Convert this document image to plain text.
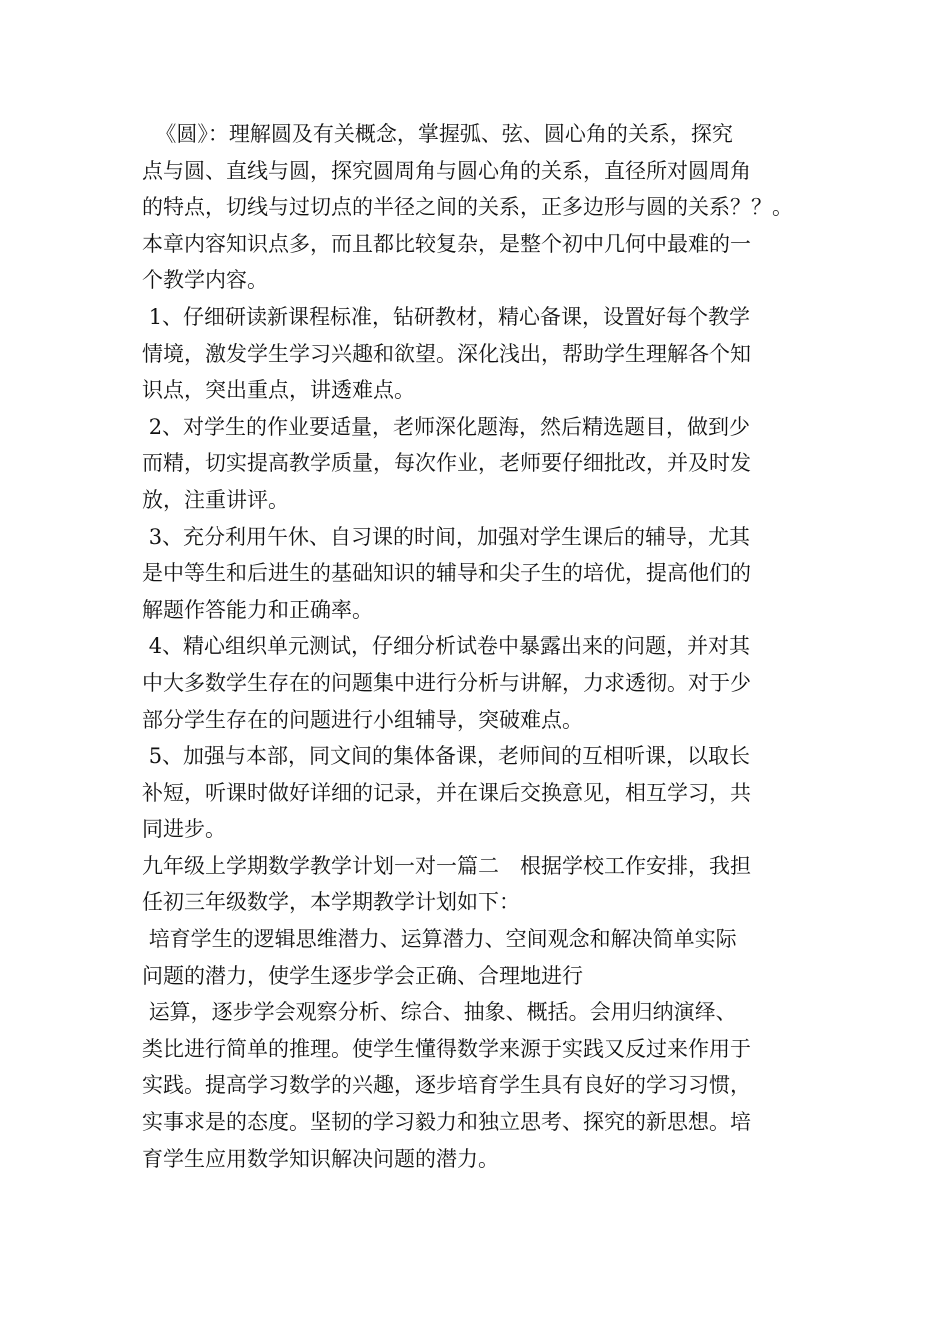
《圆》：理解圆及有关概念，掌握弧、弦、圆心角的关系，探究
点与圆、直线与圆，探究圆周角与圆心角的关系，直径所对圆周角
的特点，切线与过切点的半径之间的关系，正多边形与圆的关系？？。
本章内容知识点多，而且都比较复杂，是整个初中几何中最难的一
个教学内容。

1、仔细研读新课程标准，钻研教材，精心备课，设置好每个教学
情境，激发学生学习兴趣和欲望。深化浅出，帮助学生理解各个知
识点，突出重点，讲透难点。

2、对学生的作业要适量，老师深化题海，然后精选题目，做到少
而精，切实提高教学质量，每次作业，老师要仔细批改，并及时发
放，注重讲评。

3、充分利用午休、自习课的时间，加强对学生课后的辅导，尤其
是中等生和后进生的基础知识的辅导和尖子生的培优，提高他们的
解题作答能力和正确率。

4、精心组织单元测试，仔细分析试卷中暴露出来的问题，并对其
中大多数学生存在的问题集中进行分析与讲解，力求透彻。对于少
部分学生存在的问题进行小组辅导，突破难点。

5、加强与本部，同文间的集体备课，老师间的互相听课，以取长
补短，听课时做好详细的记录，并在课后交换意见，相互学习，共
同进步。

九年级上学期数学教学计划一对一篇二　根据学校工作安排，我担
任初三年级数学，本学期教学计划如下：

培育学生的逻辑思维潜力、运算潜力、空间观念和解决简单实际
问题的潜力，使学生逐步学会正确、合理地进行

运算，逐步学会观察分析、综合、抽象、概括。会用归纳演绎、
类比进行简单的推理。使学生懂得数学来源于实践又反过来作用于
实践。提高学习数学的兴趣，逐步培育学生具有良好的学习习惯，
实事求是的态度。坚韧的学习毅力和独立思考、探究的新思想。培
育学生应用数学知识解决问题的潜力。
